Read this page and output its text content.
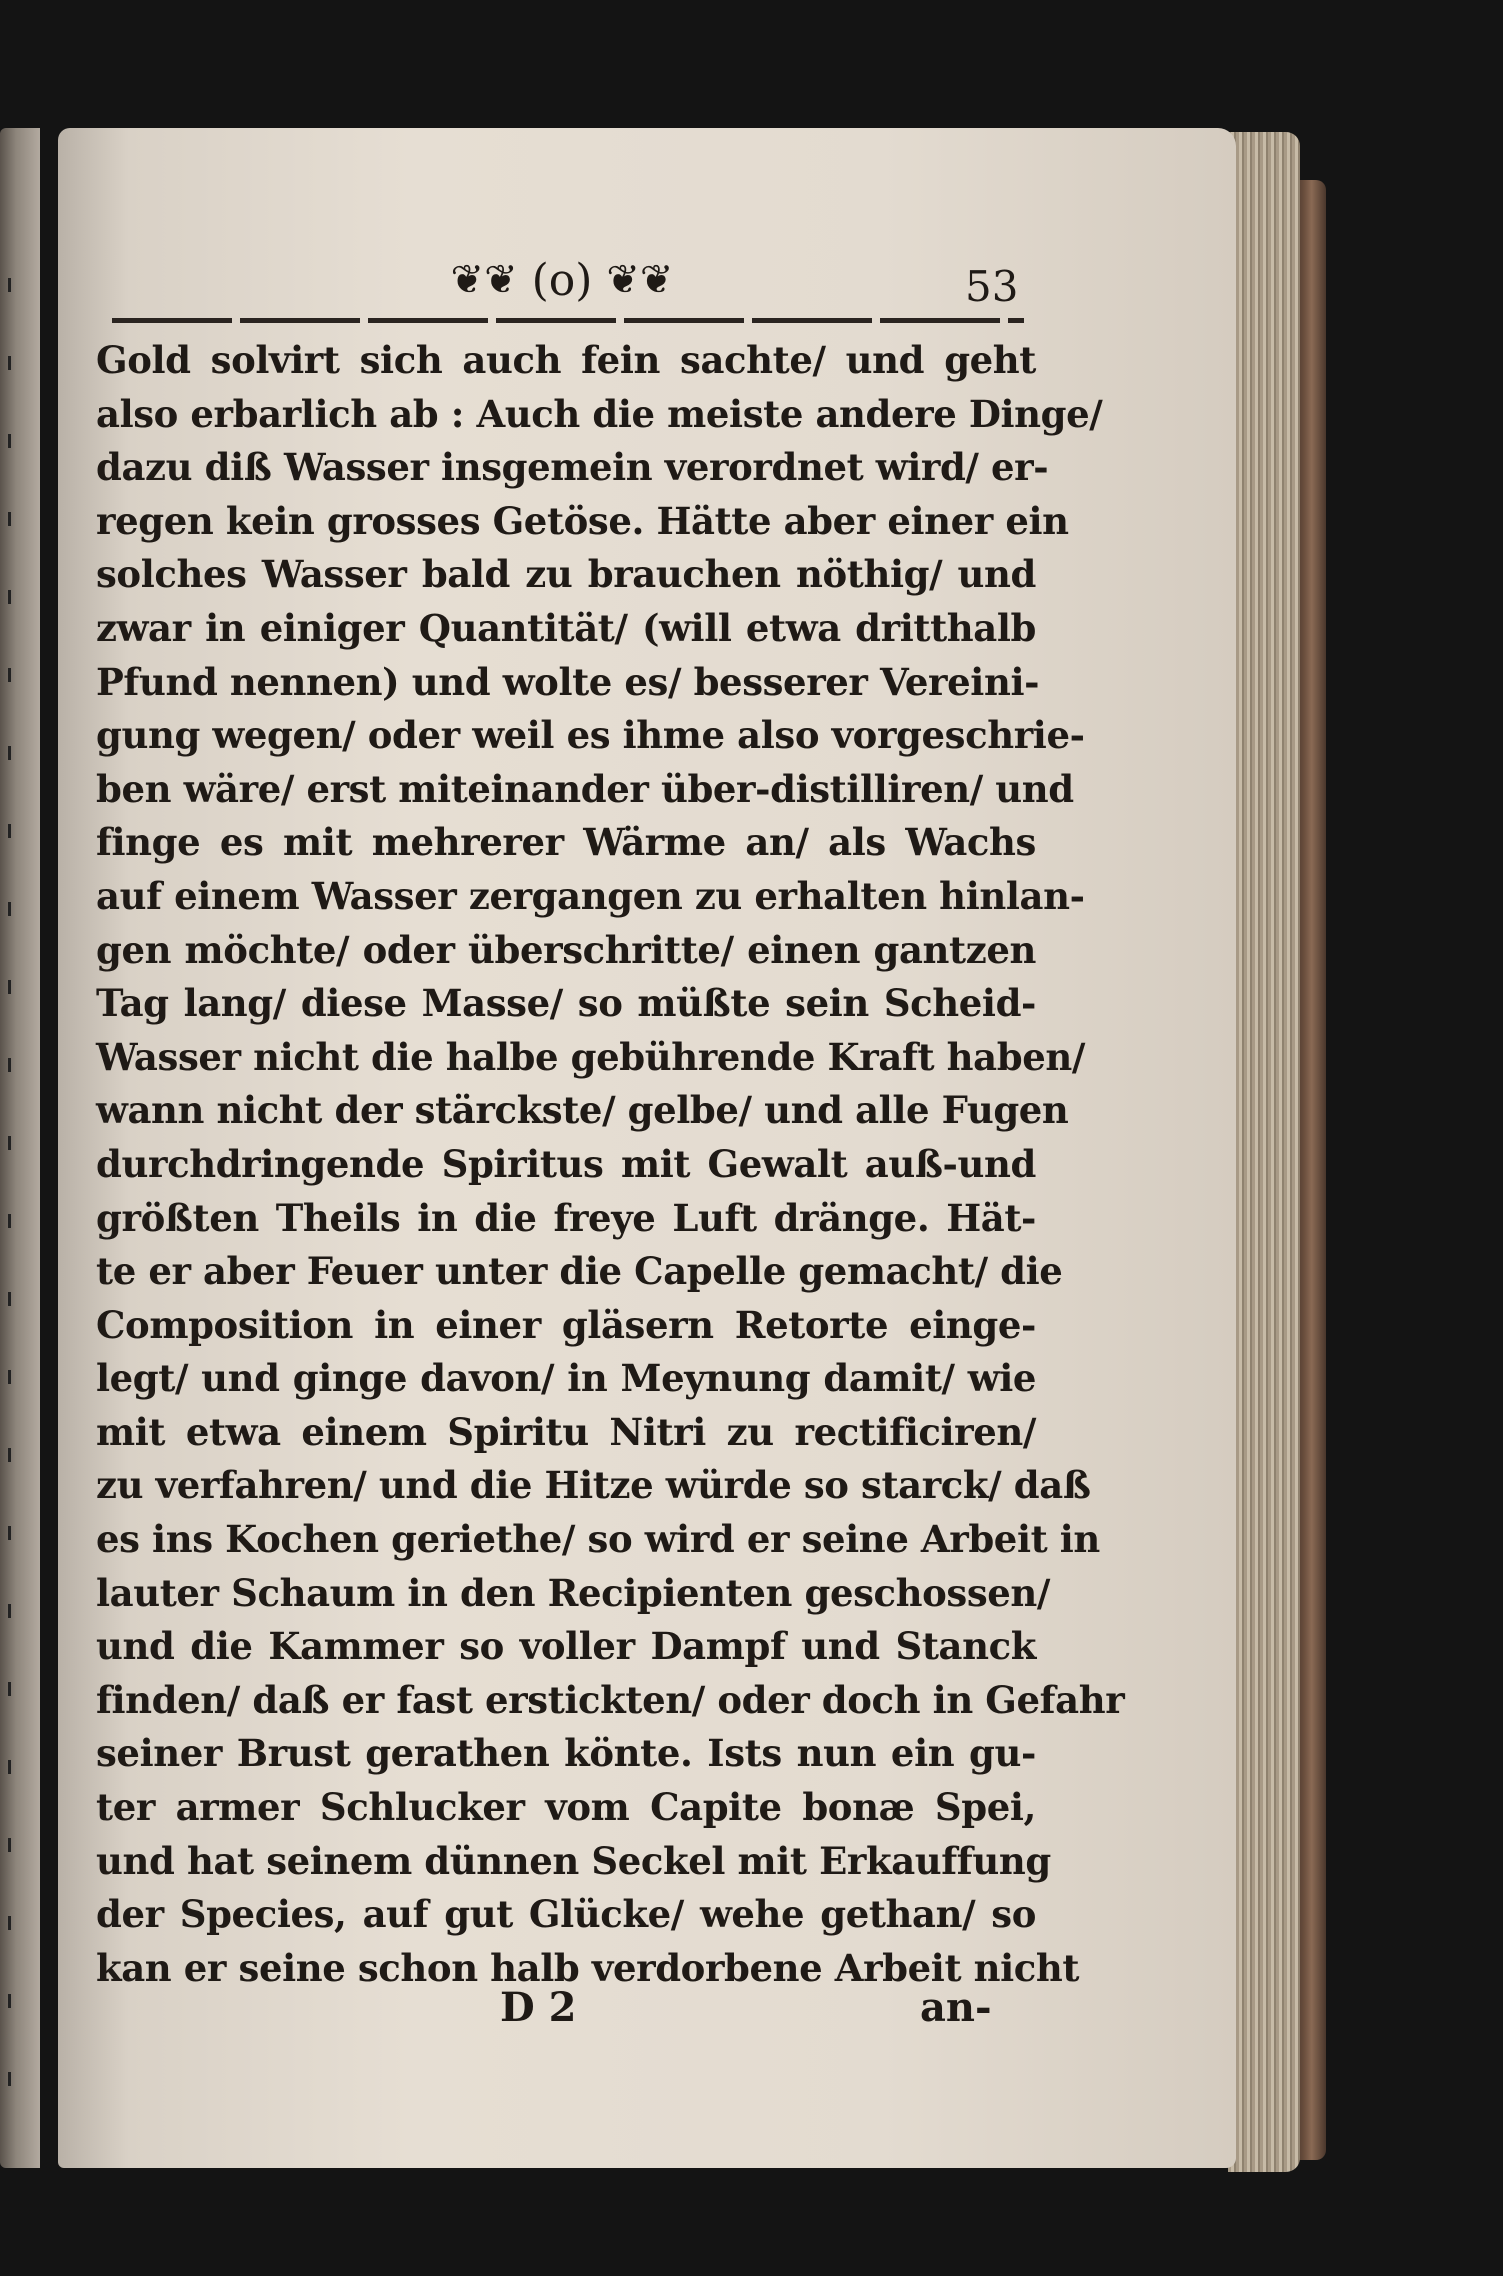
❦❦ (o) ❦❦	53
Gold solvirt sich auch fein sachte/ und geht
also erbarlich ab : Auch die meiste andere Dinge/
dazu diß Wasser insgemein verordnet wird/ er-
regen kein grosses Getöse. Hätte aber einer ein
solches Wasser bald zu brauchen nöthig/ und
zwar in einiger Quantität/ (will etwa dritthalb
Pfund nennen) und wolte es/ besserer Vereini-
gung wegen/ oder weil es ihme also vorgeschrie-
ben wäre/ erst miteinander über-distilliren/ und
finge es mit mehrerer Wärme an/ als Wachs
auf einem Wasser zergangen zu erhalten hinlan-
gen möchte/ oder überschritte/ einen gantzen
Tag lang/ diese Masse/ so müßte sein Scheid-
Wasser nicht die halbe gebührende Kraft haben/
wann nicht der stärckste/ gelbe/ und alle Fugen
durchdringende Spiritus mit Gewalt auß-und
größten Theils in die freye Luft dränge. Hät-
te er aber Feuer unter die Capelle gemacht/ die
Composition in einer gläsern Retorte einge-
legt/ und ginge davon/ in Meynung damit/ wie
mit etwa einem Spiritu Nitri zu rectificiren/
zu verfahren/ und die Hitze würde so starck/ daß
es ins Kochen geriethe/ so wird er seine Arbeit in
lauter Schaum in den Recipienten geschossen/
und die Kammer so voller Dampf und Stanck
finden/ daß er fast erstickten/ oder doch in Gefahr
seiner Brust gerathen könte. Ists nun ein gu-
ter armer Schlucker vom Capite bonæ Spei,
und hat seinem dünnen Seckel mit Erkauffung
der Species, auf gut Glücke/ wehe gethan/ so
kan er seine schon halb verdorbene Arbeit nicht
D 2	an-
